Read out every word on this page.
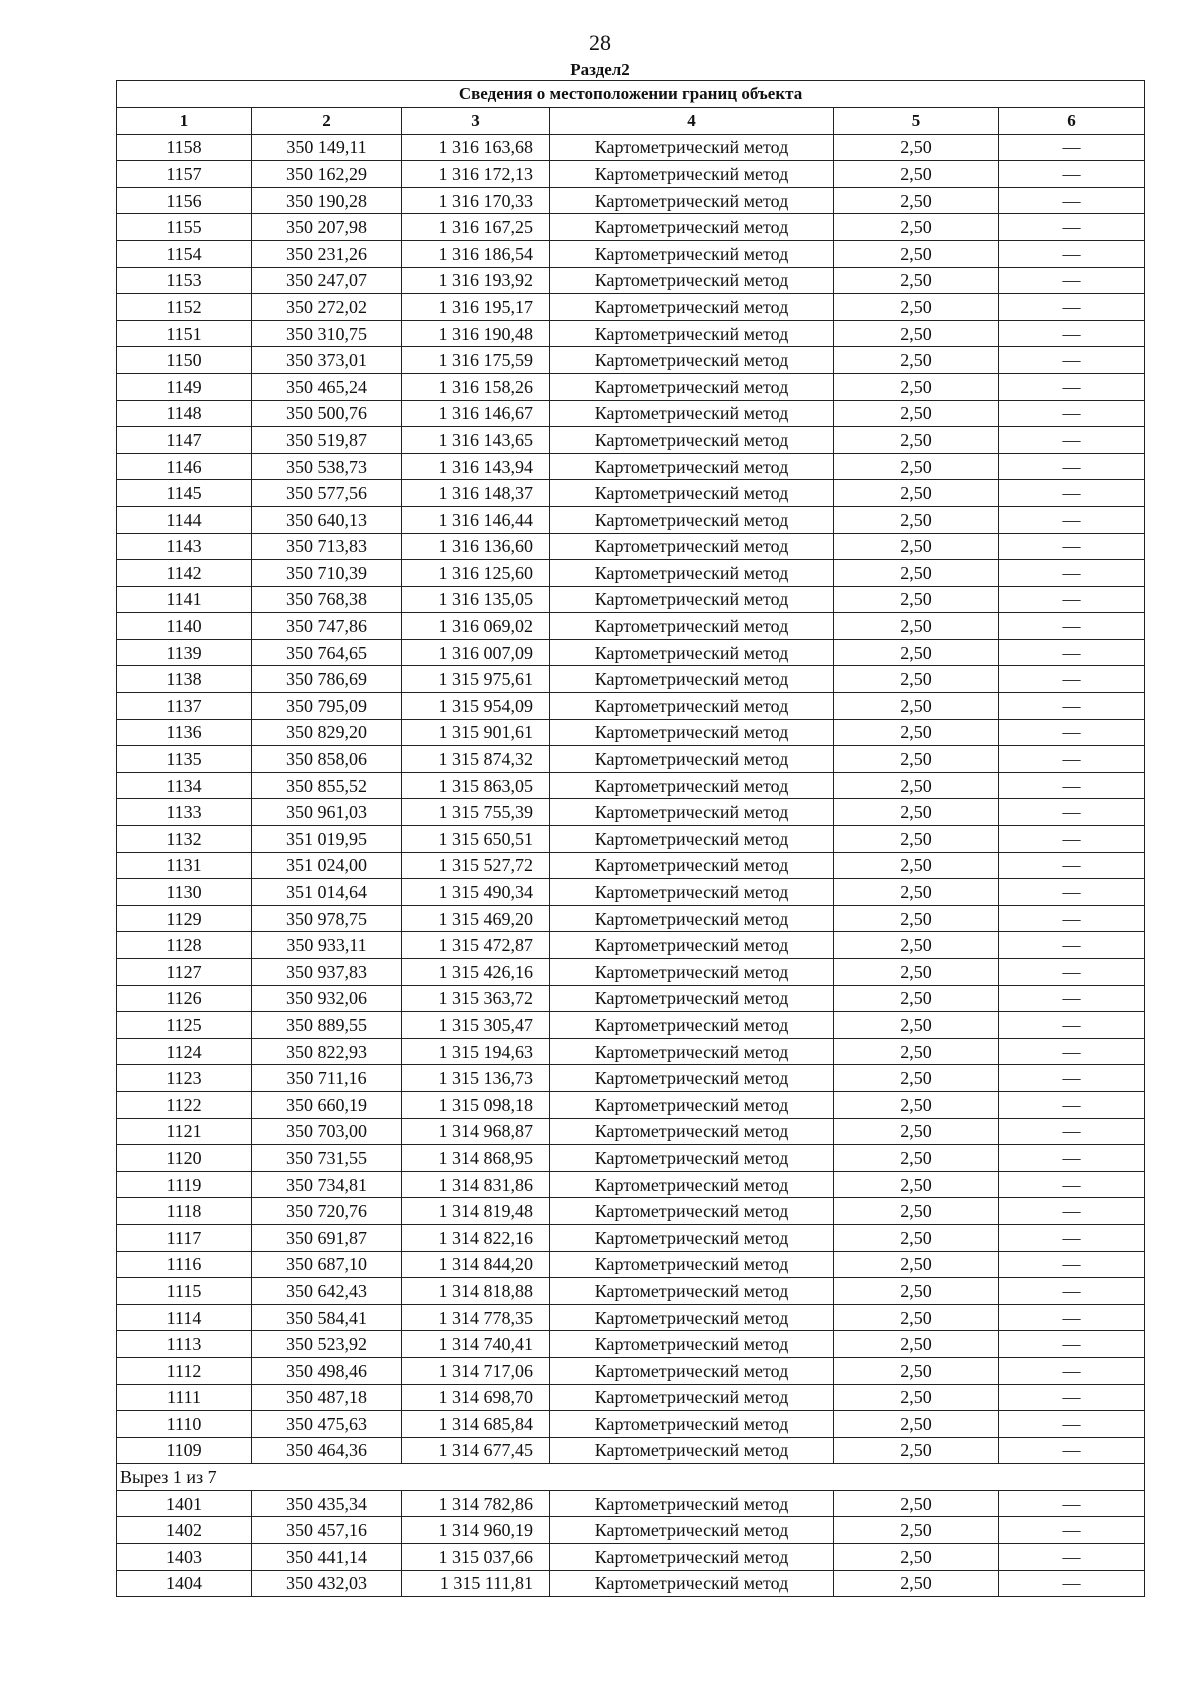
28
Раздел2
Сведения о местоположении границ объекта					
1	2	3	4	5	6
1158	350 149,11	1 316 163,68	Картометрический метод	2,50	—
1157	350 162,29	1 316 172,13	Картометрический метод	2,50	—
1156	350 190,28	1 316 170,33	Картометрический метод	2,50	—
1155	350 207,98	1 316 167,25	Картометрический метод	2,50	—
1154	350 231,26	1 316 186,54	Картометрический метод	2,50	—
1153	350 247,07	1 316 193,92	Картометрический метод	2,50	—
1152	350 272,02	1 316 195,17	Картометрический метод	2,50	—
1151	350 310,75	1 316 190,48	Картометрический метод	2,50	—
1150	350 373,01	1 316 175,59	Картометрический метод	2,50	—
1149	350 465,24	1 316 158,26	Картометрический метод	2,50	—
1148	350 500,76	1 316 146,67	Картометрический метод	2,50	—
1147	350 519,87	1 316 143,65	Картометрический метод	2,50	—
1146	350 538,73	1 316 143,94	Картометрический метод	2,50	—
1145	350 577,56	1 316 148,37	Картометрический метод	2,50	—
1144	350 640,13	1 316 146,44	Картометрический метод	2,50	—
1143	350 713,83	1 316 136,60	Картометрический метод	2,50	—
1142	350 710,39	1 316 125,60	Картометрический метод	2,50	—
1141	350 768,38	1 316 135,05	Картометрический метод	2,50	—
1140	350 747,86	1 316 069,02	Картометрический метод	2,50	—
1139	350 764,65	1 316 007,09	Картометрический метод	2,50	—
1138	350 786,69	1 315 975,61	Картометрический метод	2,50	—
1137	350 795,09	1 315 954,09	Картометрический метод	2,50	—
1136	350 829,20	1 315 901,61	Картометрический метод	2,50	—
1135	350 858,06	1 315 874,32	Картометрический метод	2,50	—
1134	350 855,52	1 315 863,05	Картометрический метод	2,50	—
1133	350 961,03	1 315 755,39	Картометрический метод	2,50	—
1132	351 019,95	1 315 650,51	Картометрический метод	2,50	—
1131	351 024,00	1 315 527,72	Картометрический метод	2,50	—
1130	351 014,64	1 315 490,34	Картометрический метод	2,50	—
1129	350 978,75	1 315 469,20	Картометрический метод	2,50	—
1128	350 933,11	1 315 472,87	Картометрический метод	2,50	—
1127	350 937,83	1 315 426,16	Картометрический метод	2,50	—
1126	350 932,06	1 315 363,72	Картометрический метод	2,50	—
1125	350 889,55	1 315 305,47	Картометрический метод	2,50	—
1124	350 822,93	1 315 194,63	Картометрический метод	2,50	—
1123	350 711,16	1 315 136,73	Картометрический метод	2,50	—
1122	350 660,19	1 315 098,18	Картометрический метод	2,50	—
1121	350 703,00	1 314 968,87	Картометрический метод	2,50	—
1120	350 731,55	1 314 868,95	Картометрический метод	2,50	—
1119	350 734,81	1 314 831,86	Картометрический метод	2,50	—
1118	350 720,76	1 314 819,48	Картометрический метод	2,50	—
1117	350 691,87	1 314 822,16	Картометрический метод	2,50	—
1116	350 687,10	1 314 844,20	Картометрический метод	2,50	—
1115	350 642,43	1 314 818,88	Картометрический метод	2,50	—
1114	350 584,41	1 314 778,35	Картометрический метод	2,50	—
1113	350 523,92	1 314 740,41	Картометрический метод	2,50	—
1112	350 498,46	1 314 717,06	Картометрический метод	2,50	—
1111	350 487,18	1 314 698,70	Картометрический метод	2,50	—
1110	350 475,63	1 314 685,84	Картометрический метод	2,50	—
1109	350 464,36	1 314 677,45	Картометрический метод	2,50	—
Вырез 1 из 7					
1401	350 435,34	1 314 782,86	Картометрический метод	2,50	—
1402	350 457,16	1 314 960,19	Картометрический метод	2,50	—
1403	350 441,14	1 315 037,66	Картометрический метод	2,50	—
1404	350 432,03	1 315 111,81	Картометрический метод	2,50	—
